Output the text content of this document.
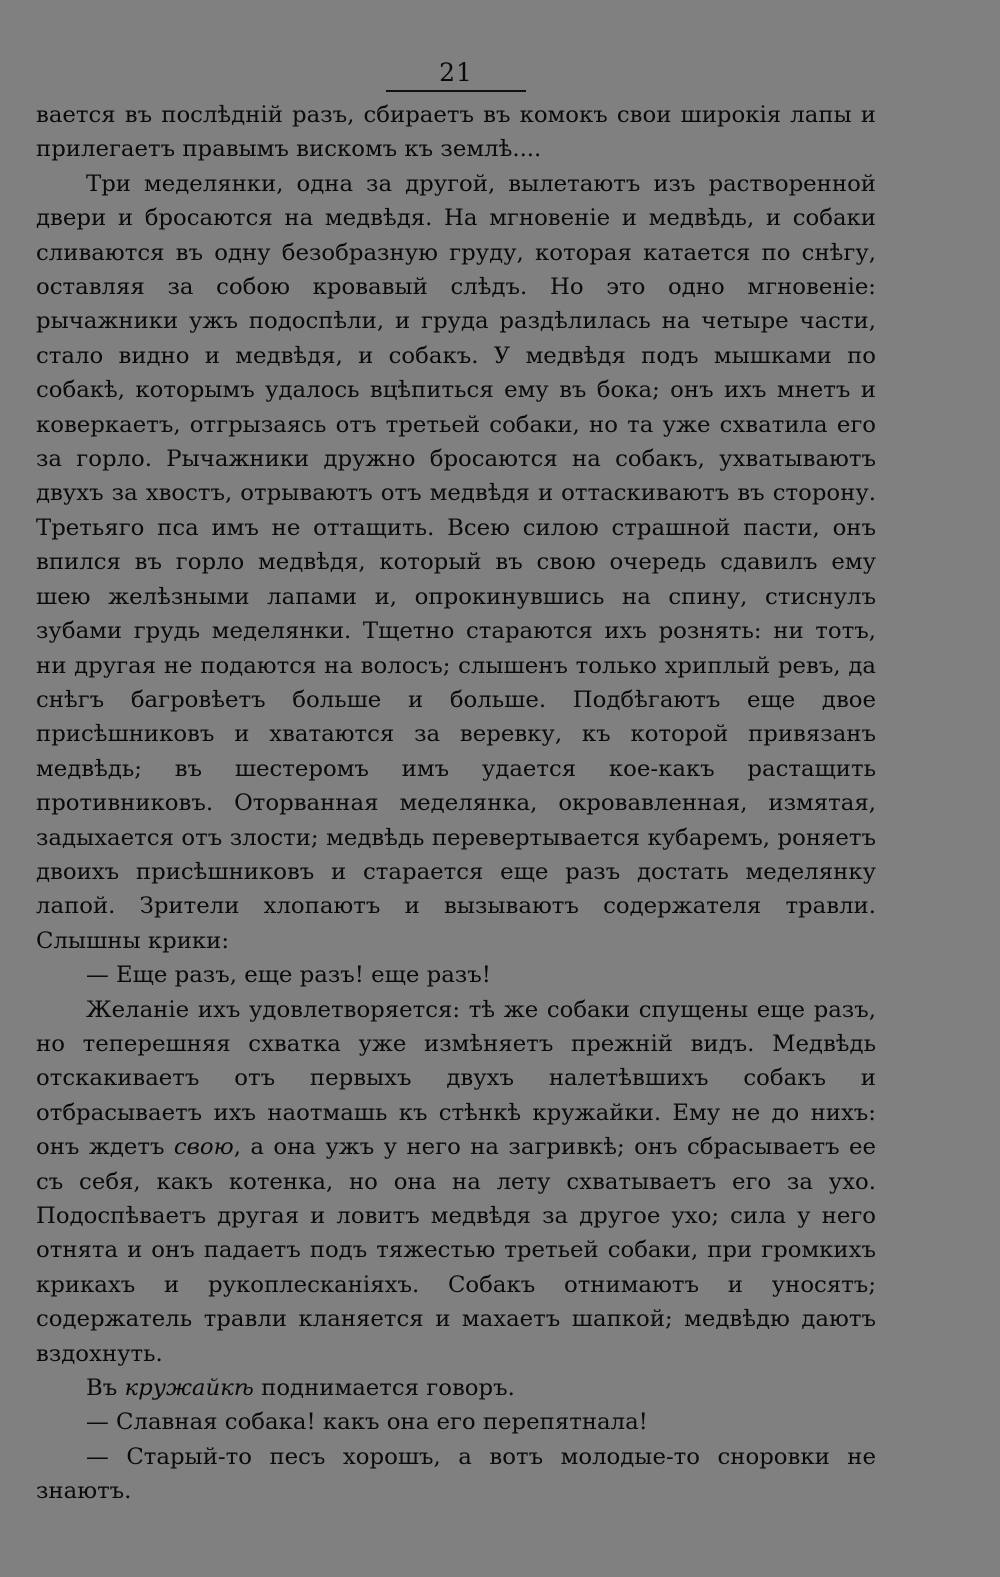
21

вается въ послѣднiй разъ, сбираетъ въ комокъ свои широкiя лапы и прилегаетъ правымъ вискомъ къ землѣ....

Три меделянки, одна за другой, вылетаютъ изъ растворенной двери и бросаются на медвѣдя. На мгновенiе и медвѣдь, и собаки сливаются въ одну безобразную груду, которая катается по снѣгу, оставляя за собою кровавый слѣдъ. Но это одно мгновенiе: рычажники ужъ подоспѣли, и груда раздѣлилась на четыре части, стало видно и медвѣдя, и собакъ. У медвѣдя подъ мышками по собакѣ, которымъ удалось вцѣпиться ему въ бока; онъ ихъ мнетъ и коверкаетъ, отгрызаясь отъ третьей собаки, но та уже схватила его за горло. Рычажники дружно бросаются на собакъ, ухватываютъ двухъ за хвостъ, отрываютъ отъ медвѣдя и оттаскиваютъ въ сторону. Третьяго пса имъ не оттащить. Всею силою страшной пасти, онъ впился въ горло медвѣдя, который въ свою очередь сдавилъ ему шею желѣзными лапами и, опрокинувшись на спину, стиснулъ зубами грудь меделянки. Тщетно стараются ихъ рознять: ни тотъ, ни другая не подаются на волосъ; слышенъ только хриплый ревъ, да снѣгъ багровѣетъ больше и больше. Подбѣгаютъ еще двое присѣшниковъ и хватаются за веревку, къ которой привязанъ медвѣдь; въ шестеромъ имъ удается кое-какъ растащить противниковъ. Оторванная меделянка, окровавленная, измятая, задыхается отъ злости; медвѣдь перевертывается кубаремъ, роняетъ двоихъ присѣшниковъ и старается еще разъ достать меделянку лапой. Зрители хлопаютъ и вызываютъ содержателя травли. Слышны крики:

— Еще разъ, еще разъ! еще разъ!

Желанiе ихъ удовлетворяется: тѣ же собаки спущены еще разъ, но теперешняя схватка уже измѣняетъ прежнiй видъ. Медвѣдь отскакиваетъ отъ первыхъ двухъ налетѣвшихъ собакъ и отбрасываетъ ихъ наотмашь къ стѣнкѣ кружайки. Ему не до нихъ: онъ ждетъ свою, а она ужъ у него на загривкѣ; онъ сбрасываетъ ее съ себя, какъ котенка, но она на лету схватываетъ его за ухо. Подоспѣваетъ другая и ловитъ медвѣдя за другое ухо; сила у него отнята и онъ падаетъ подъ тяжестью третьей собаки, при громкихъ крикахъ и рукоплесканiяхъ. Собакъ отнимаютъ и уносятъ; содержатель травли кланяется и махаетъ шапкой; медвѣдю даютъ вздохнуть.

Въ кружайкѣ поднимается говоръ.

— Славная собака! какъ она его перепятнала!

— Старый-то песъ хорошъ, а вотъ молодые-то сноровки не знаютъ.
